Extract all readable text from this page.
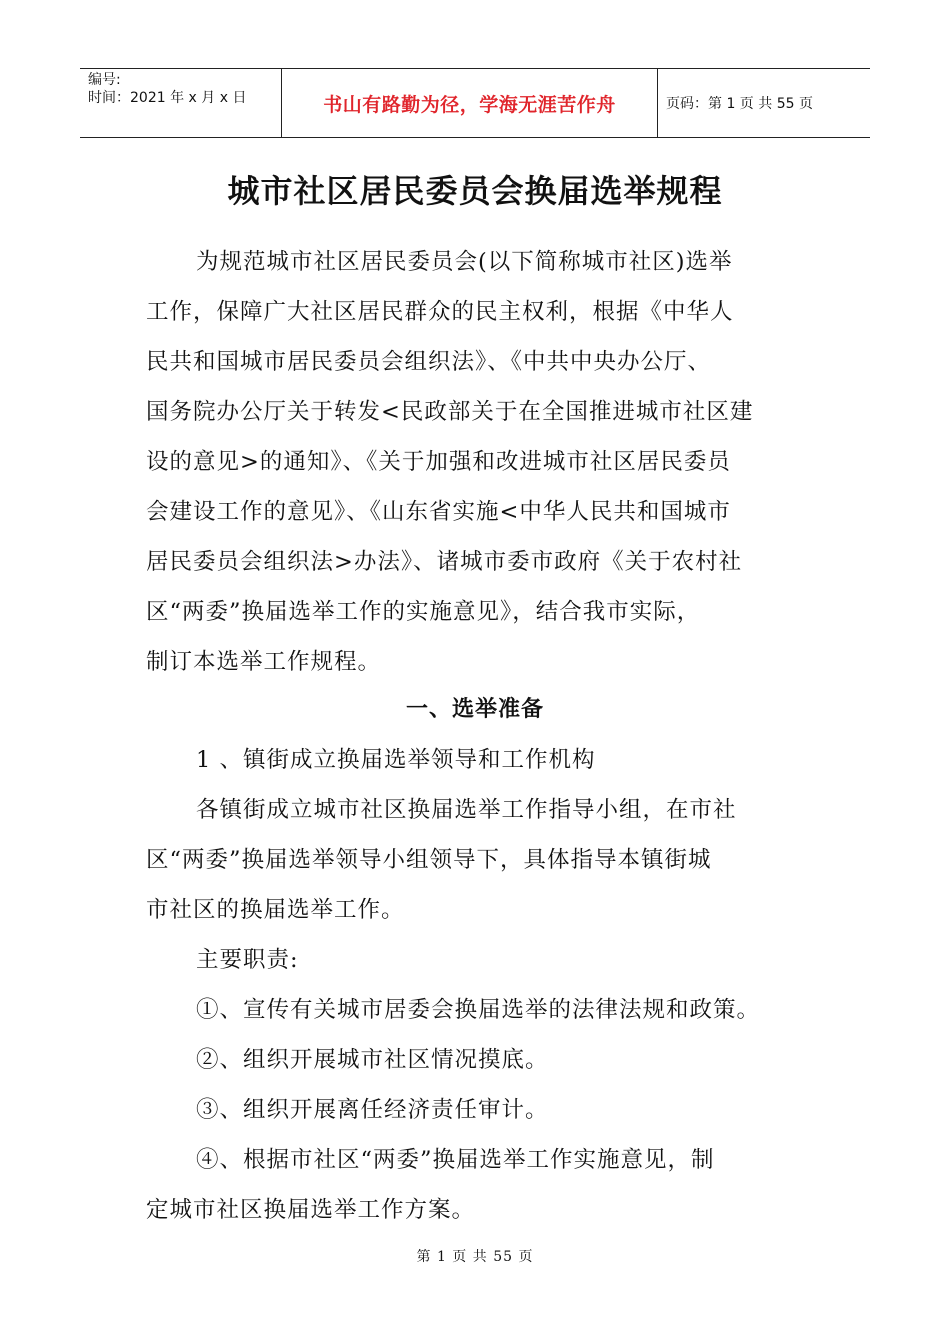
编号:
时间：2021 年 x 月 x 日	书山有路勤为径，学海无涯苦作舟	页码：第 1 页 共 55 页
城市社区居民委员会换届选举规程
为规范城市社区居民委员会(以下简称城市社区)选举
工作，保障广大社区居民群众的民主权利，根据《中华人
民共和国城市居民委员会组织法》、《中共中央办公厅、
国务院办公厅关于转发<民政部关于在全国推进城市社区建
设的意见>的通知》、《关于加强和改进城市社区居民委员
会建设工作的意见》、《山东省实施<中华人民共和国城市
居民委员会组织法>办法》、诸城市委市政府《关于农村社
区“两委”换届选举工作的实施意见》，结合我市实际，
制订本选举工作规程。
一、选举准备
1 、镇街成立换届选举领导和工作机构
各镇街成立城市社区换届选举工作指导小组，在市社
区“两委”换届选举领导小组领导下，具体指导本镇街城
市社区的换届选举工作。
主要职责:
①、宣传有关城市居委会换届选举的法律法规和政策。
②、组织开展城市社区情况摸底。
③、组织开展离任经济责任审计。
④、根据市社区“两委”换届选举工作实施意见，制
定城市社区换届选举工作方案。
第 1 页 共 55 页
